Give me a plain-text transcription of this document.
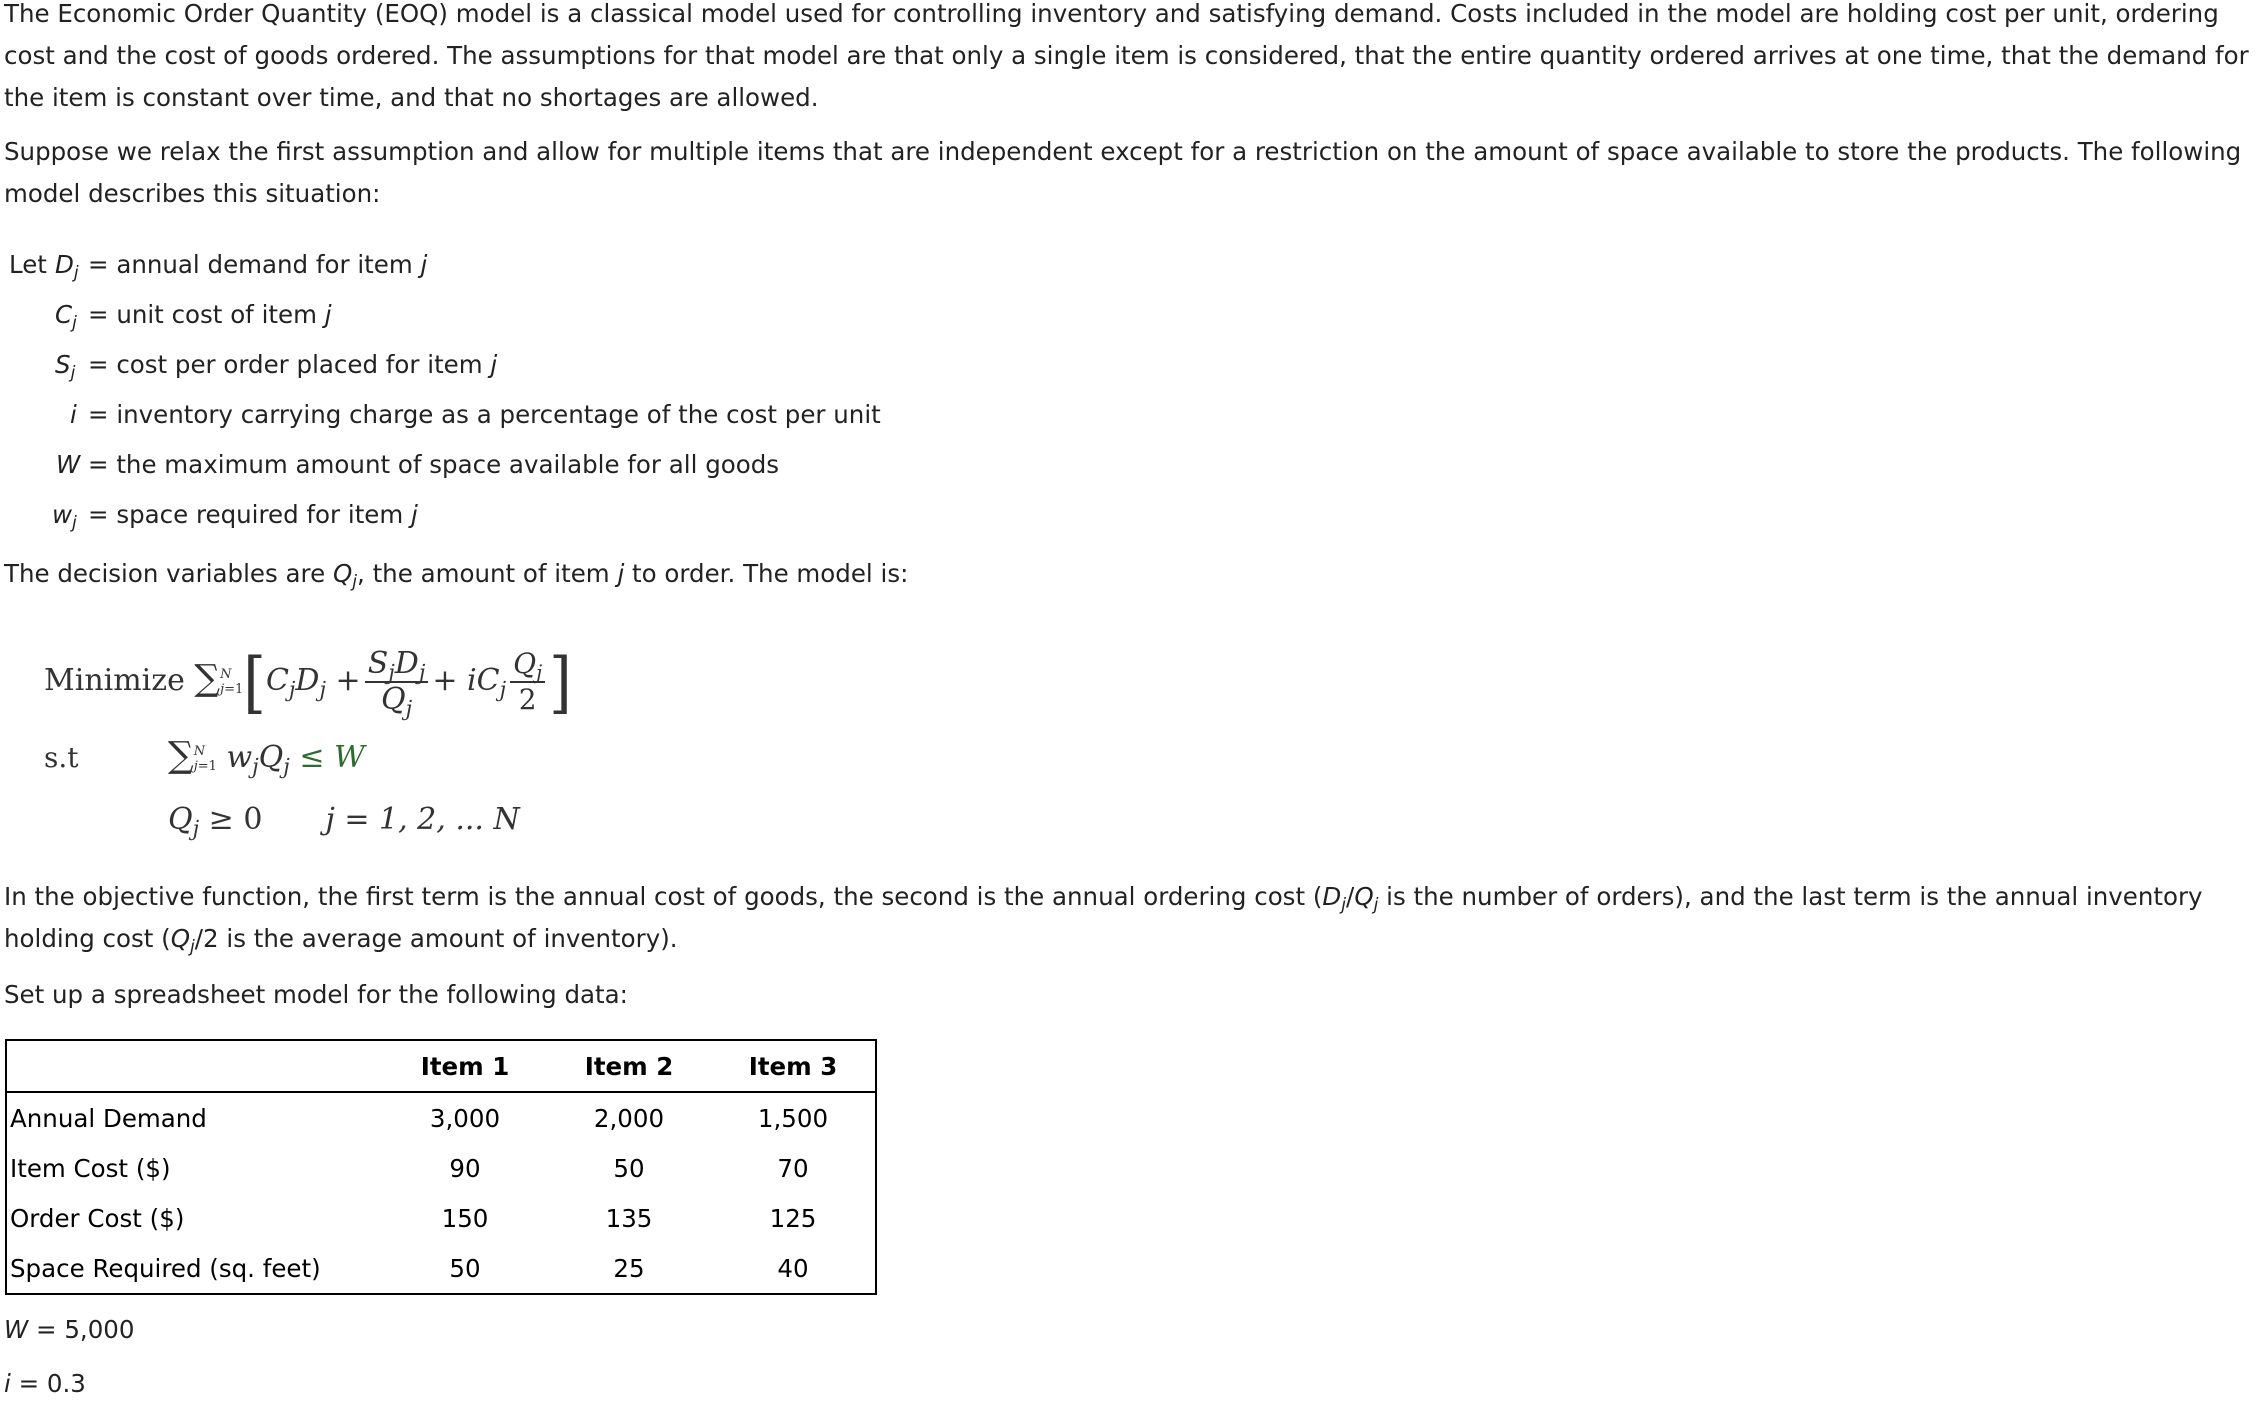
The Economic Order Quantity (EOQ) model is a classical model used for controlling inventory and satisfying demand. Costs included in the model are holding cost per unit, ordering cost and the cost of goods ordered. The assumptions for that model are that only a single item is considered, that the entire quantity ordered arrives at one time, that the demand for the item is constant over time, and that no shortages are allowed.

Suppose we relax the first assumption and allow for multiple items that are independent except for a restriction on the amount of space available to store the products. The following model describes this situation:

Let $D_j$ = annual demand for item j
$C_j$ = unit cost of item j
$S_j = \cos t$ per order placed for item j
i = inventory carrying charge as a percentage of the cost per unit
W = the maximum amount of space available for all goods
$w_j$ = space required for item j

The decision variables are $Q_j$, the amount of item j to order. The model is:

Minimize ∑N
$j=1[C_jD_j + \frac{S_jD_j}{Q_j} + iC_j \frac{Q_j}{2}$ ]
s.t ∑N
j=1 $w_jQ_j \le W$
$Q_j \ge 0$  j = 1, 2, ... N

In the objective function, the first term is the annual cost of goods, the second is the annual ordering cost ($D_j/Q_j$ is the number of orders), and the last term is the annual inventory holding cost ($Q_j/2$ is the average amount of inventory).

Set up a spreadsheet model for the following data:

	Item 1	Item 2	Item 3
Annual Demand	3,000	2,000	1,500
Item Cost ($)	90	50	70
Order Cost ($)	150	135	125
Space Required (sq. feet)	50	25	40

W = 5,000

i = 0.3
